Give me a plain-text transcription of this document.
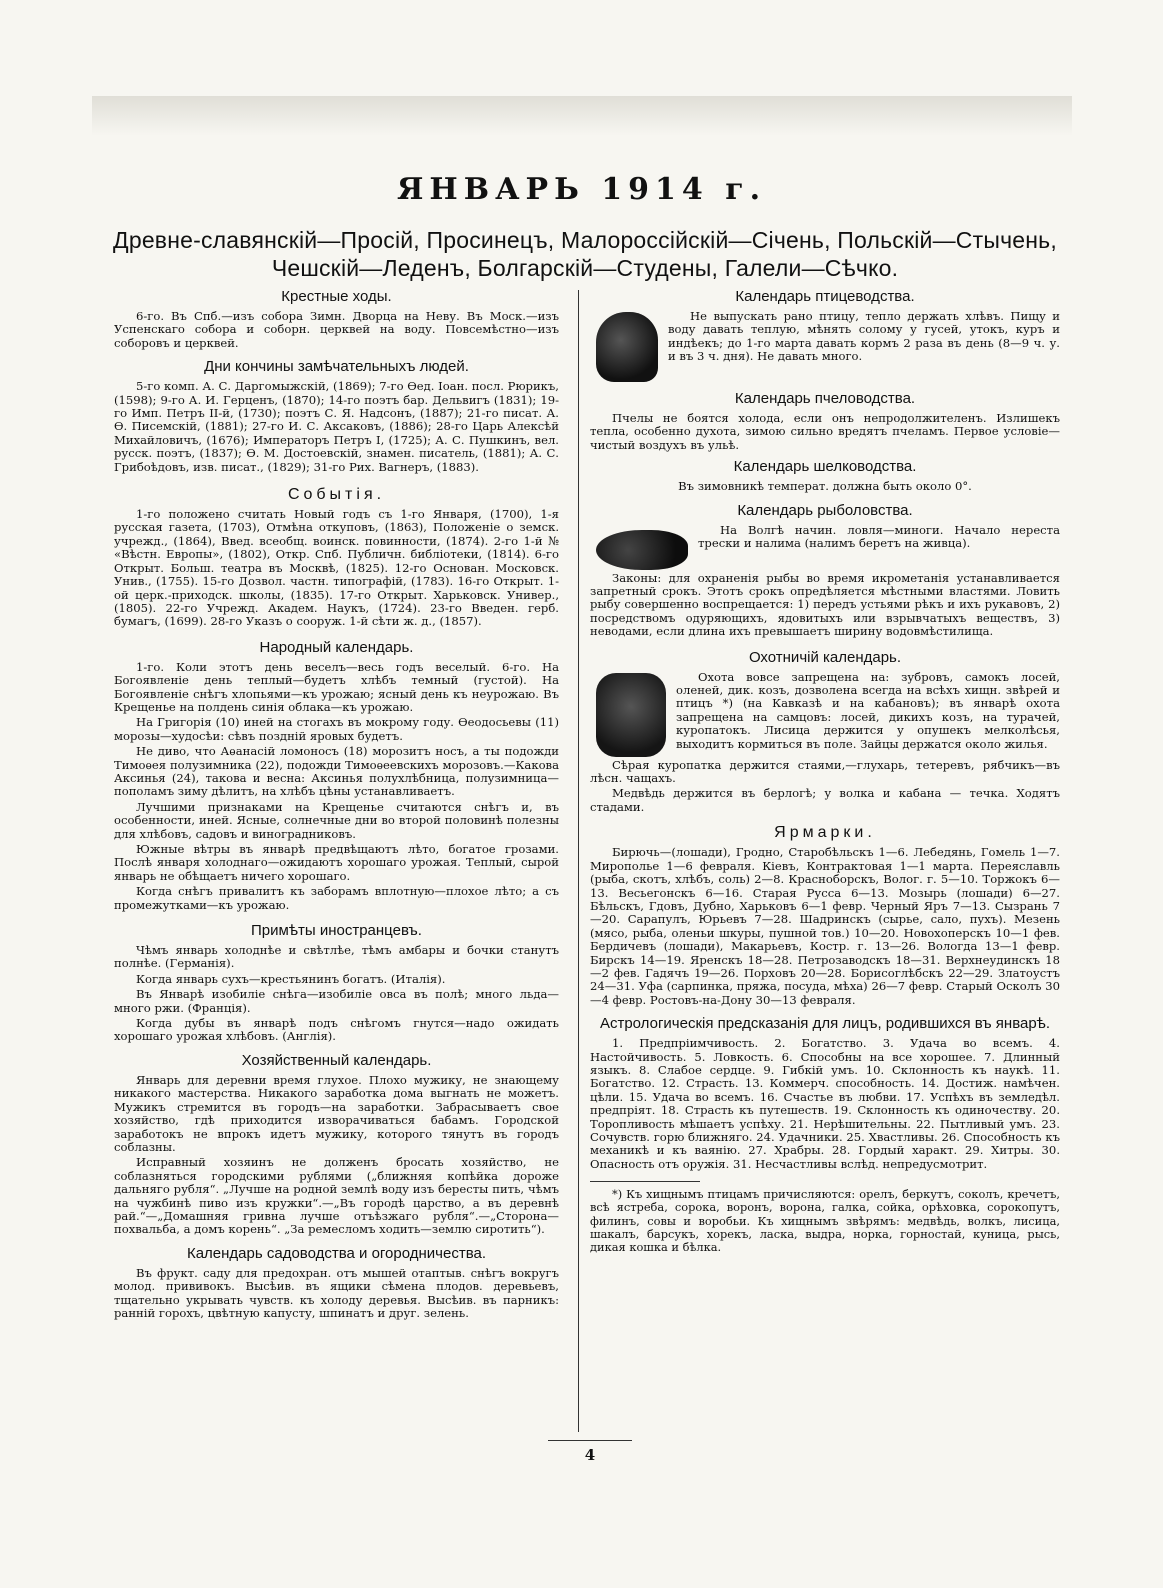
ЯНВАРЬ 1914 г.
Древне-славянскій—Просій, Просинецъ, Малороссійскій—Січень, Польскій—Стычень,
Чешскій—Леденъ, Болгарскій—Студены, Галели—Сѣчко.
Крестные ходы.

6-го. Въ Спб.—изъ собора Зимн. Дворца на Неву. Въ Моск.—изъ Успенскаго собора и соборн. церквей на воду. Повсемѣстно—изъ соборовъ и церквей.

Дни кончины замѣчательныхъ людей.

5-го комп. А. С. Даргомыжскій, (1869); 7-го Ѳед. Іоан. посл. Рюрикъ, (1598); 9-го А. И. Герценъ, (1870); 14-го поэтъ бар. Дельвигъ (1831); 19-го Имп. Петръ II-й, (1730); поэтъ С. Я. Надсонъ, (1887); 21-го писат. А. Ѳ. Писемскій, (1881); 27-го И. С. Аксаковъ, (1886); 28-го Царь Алексѣй Михайловичъ, (1676); Императоръ Петръ I, (1725); А. С. Пушкинъ, вел. русск. поэтъ, (1837); Ѳ. М. Достоевскій, знамен. писатель, (1881); А. С. Грибоѣдовъ, изв. писат., (1829); 31-го Рих. Вагнеръ, (1883).

Событія.

1-го положено считать Новый годъ съ 1-го Января, (1700), 1-я русская газета, (1703), Отмѣна откуповъ, (1863), Положеніе о земск. учрежд., (1864), Введ. всеобщ. воинск. повинности, (1874). 2-го 1-й № «Вѣстн. Европы», (1802), Откр. Спб. Публичн. библіотеки, (1814). 6-го Открыт. Больш. театра въ Москвѣ, (1825). 12-го Основан. Московск. Унив., (1755). 15-го Дозвол. частн. типографій, (1783). 16-го Открыт. 1-ой церк.-приходск. школы, (1835). 17-го Открыт. Харьковск. Универ., (1805). 22-го Учрежд. Академ. Наукъ, (1724). 23-го Введен. герб. бумагъ, (1699). 28-го Указъ о сооруж. 1-й сѣти ж. д., (1857).

Народный календарь.

1-го. Коли этотъ день веселъ—весь годъ веселый. 6-го. На Богоявленіе день теплый—будетъ хлѣбъ темный (густой). На Богоявленіе снѣгъ хлопьями—къ урожаю; ясный день къ неурожаю. Въ Крещенье на полдень синія облака—къ урожаю.

На Григорія (10) иней на стогахъ въ мокрому году. Ѳеодосьевы (11) морозы—худосѣи: сѣвъ поздній яровых будетъ.

Не диво, что Аѳанасій ломоносъ (18) морозитъ носъ, а ты подожди Тимоѳея полузимника (22), подожди Тимоѳеевскихъ морозовъ.—Какова Аксинья (24), такова и весна: Аксинья полухлѣбница, полузимница—пополамъ зиму дѣлитъ, на хлѣбъ цѣны устанавливаетъ.

Лучшими признаками на Крещенье считаются снѣгъ и, въ особенности, иней. Ясные, солнечные дни во второй половинѣ полезны для хлѣбовъ, садовъ и виноградниковъ.

Южные вѣтры въ январѣ предвѣщаютъ лѣто, богатое грозами. Послѣ января холоднаго—ожидаютъ хорошаго урожая. Теплый, сырой январь не обѣщаетъ ничего хорошаго.

Когда снѣгъ привалитъ къ заборамъ вплотную—плохое лѣто; а съ промежутками—къ урожаю.

Примѣты иностранцевъ.

Чѣмъ январь холоднѣе и свѣтлѣе, тѣмъ амбары и бочки станутъ полнѣе. (Германія).

Когда январь сухъ—крестьянинъ богатъ. (Италія).

Въ Январѣ изобиліе снѣга—изобиліе овса въ полѣ; много льда—много ржи. (Франція).

Когда дубы въ январѣ подъ снѣгомъ гнутся—надо ожидать хорошаго урожая хлѣбовъ. (Англія).

Хозяйственный календарь.

Январь для деревни время глухое. Плохо мужику, не знающему никакого мастерства. Никакого заработка дома выгнать не можетъ. Мужикъ стремится въ городъ—на заработки. Забрасываетъ свое хозяйство, гдѣ приходится изворачиваться бабамъ. Городской заработокъ не впрокъ идетъ мужику, которого тянутъ въ городъ соблазны.

Исправный хозяинъ не долженъ бросать хозяйство, не соблазняться городскими рублями („ближняя копѣйка дороже дальняго рубля“. „Лучше на родной землѣ воду изъ бересты пить, чѣмъ на чужбинѣ пиво изъ кружки“.—„Въ городѣ царство, а въ деревнѣ рай.“—„Домашняя гривна лучше отъѣзжаго рубля“.—„Сторона—похвальба, а домъ корень“. „За ремесломъ ходить—землю сиротить“).

Календарь садоводства и огородничества.

Въ фрукт. саду для предохран. отъ мышей отаптыв. снѣгъ вокругъ молод. прививокъ. Высѣив. въ ящики сѣмена плодов. деревьевъ, тщательно укрывать чувств. къ холоду деревья. Высѣив. въ парникъ: ранній горохъ, цвѣтную капусту, шпинатъ и друг. зелень.

Календарь птицеводства.

Не выпускать рано птицу, тепло держать хлѣвъ. Пищу и воду давать теплую, мѣнять солому у гусей, утокъ, куръ и индѣекъ; до 1-го марта давать кормъ 2 раза въ день (8—9 ч. у. и въ 3 ч. дня). Не давать много.

Календарь пчеловодства.

Пчелы не боятся холода, если онъ непродолжителенъ. Излишекъ тепла, особенно духота, зимою сильно вредятъ пчеламъ. Первое условіе—чистый воздухъ въ ульѣ.

Календарь шелководства.

Въ зимовникѣ температ. должна быть около 0°.

Календарь рыболовства.

На Волгѣ начин. ловля—миноги. Начало нереста трески и налима (налимъ беретъ на живца).

Законы: для охраненія рыбы во время икрометанія устанавливается запретный срокъ. Этотъ срокъ опредѣляется мѣстными властями. Ловить рыбу совершенно воспрещается: 1) передъ устьями рѣкъ и ихъ рукавовъ, 2) посредствомъ одуряющихъ, ядовитыхъ или взрывчатыхъ веществъ, 3) неводами, если длина ихъ превышаетъ ширину водовмѣстилища.

Охотничій календарь.

Охота вовсе запрещена на: зубровъ, самокъ лосей, оленей, дик. козъ, дозволена всегда на всѣхъ хищн. звѣрей и птицъ *) (на Кавказѣ и на кабановъ); въ январѣ охота запрещена на самцовъ: лосей, дикихъ козъ, на турачей, куропатокъ. Лисица держится у опушекъ мелколѣсья, выходитъ кормиться въ поле. Зайцы держатся около жилья.

Сѣрая куропатка держится стаями,—глухарь, тетеревъ, рябчикъ—въ лѣсн. чащахъ.

Медвѣдь держится въ берлогѣ; у волка и кабана — течка. Ходятъ стадами.

Ярмарки.

Бирючь—(лошади), Гродно, Старобѣльскъ 1—6. Лебедянь, Гомель 1—7. Миропольe 1—6 февраля. Кіевъ, Контрактовая 1—1 марта. Переяславль (рыба, скотъ, хлѣбъ, соль) 2—8. Красноборскъ, Волог. г. 5—10. Торжокъ 6—13. Весьегонскъ 6—16. Старая Русса 6—13. Мозырь (лошади) 6—27. Бѣльскъ, Гдовъ, Дубно, Харьковъ 6—1 февр. Черный Яръ 7—13. Сызрань 7—20. Сарапулъ, Юрьевъ 7—28. Шадринскъ (сырье, сало, пухъ). Мезень (мясо, рыба, оленьи шкуры, пушной тов.) 10—20. Новохоперскъ 10—1 фев. Бердичевъ (лошади), Макарьевъ, Костр. г. 13—26. Вологда 13—1 февр. Бирскъ 14—19. Яренскъ 18—28. Петрозаводскъ 18—31. Верхнеудинскъ 18—2 фев. Гадячъ 19—26. Порховъ 20—28. Борисоглѣбскъ 22—29. Златоустъ 24—31. Уфа (сарпинка, пряжа, посуда, мѣха) 26—7 февр. Старый Осколъ 30—4 февр. Ростовъ-на-Дону 30—13 февраля.

Астрологическія предсказанія для лицъ, родившихся въ январѣ.

1. Предпріимчивость. 2. Богатство. 3. Удача во всемъ. 4. Настойчивость. 5. Ловкость. 6. Способны на все хорошее. 7. Длинный языкъ. 8. Слабое сердце. 9. Гибкій умъ. 10. Склонность къ наукѣ. 11. Богатство. 12. Страсть. 13. Коммерч. способность. 14. Достиж. намѣчен. цѣли. 15. Удача во всемъ. 16. Счастье въ любви. 17. Успѣхъ въ земледѣл. предпріят. 18. Страсть къ путешеств. 19. Склонность къ одиночеству. 20. Торопливость мѣшаетъ успѣху. 21. Нерѣшительны. 22. Пытливый умъ. 23. Сочувств. горю ближняго. 24. Удачники. 25. Хвастливы. 26. Способность къ механикѣ и къ ваянію. 27. Храбры. 28. Гордый характ. 29. Хитры. 30. Опасность отъ оружія. 31. Несчастливы вслѣд. непредусмотрит.

*) Къ хищнымъ птицамъ причисляются: орелъ, беркутъ, соколъ, кречетъ, всѣ ястреба, сорока, воронъ, ворона, галка, сойка, орѣховка, сорокопутъ, филинъ, совы и воробьи. Къ хищнымъ звѣрямъ: медвѣдь, волкъ, лисица, шакалъ, барсукъ, хорекъ, ласка, выдра, норка, горностай, куница, рысь, дикая кошка и бѣлка.

4
